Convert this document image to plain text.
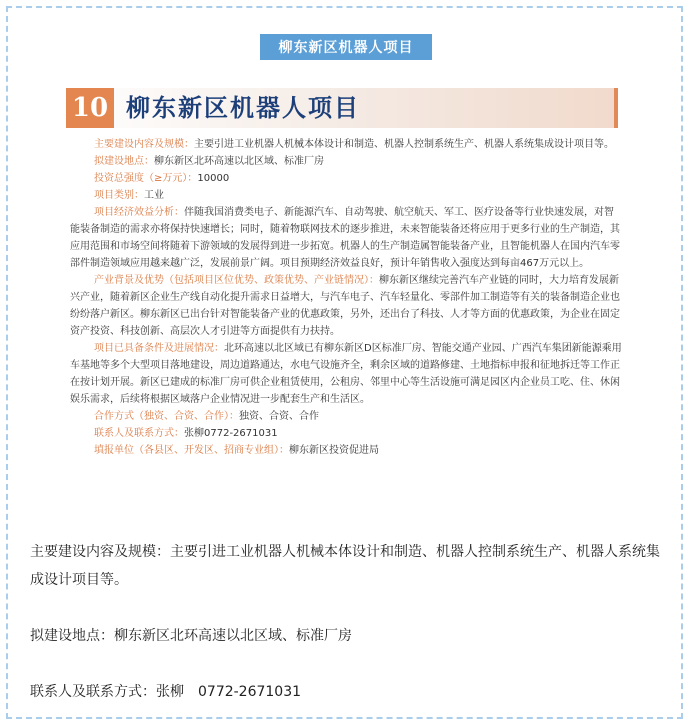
柳东新区机器人项目
10 柳东新区机器人项目

主要建设内容及规模：主要引进工业机器人机械本体设计和制造、机器人控制系统生产、机器人系统集成设计项目等。

拟建设地点：柳东新区北环高速以北区域、标准厂房

投资总强度（≥万元）：10000

项目类别：工业

项目经济效益分析：伴随我国消费类电子、新能源汽车、自动驾驶、航空航天、军工、医疗设备等行业快速发展，对智能装备制造的需求亦将保持快速增长；同时，随着物联网技术的逐步推进，未来智能装备还将应用于更多行业的生产制造，其应用范围和市场空间将随着下游领域的发展得到进一步拓宽。机器人的生产制造属智能装备产业，且智能机器人在国内汽车零部件制造领域应用越来越广泛，发展前景广阔。项目预期经济效益良好，预计年销售收入强度达到每亩467万元以上。

产业背景及优势（包括项目区位优势、政策优势、产业链情况）：柳东新区继续完善汽车产业链的同时，大力培育发展新兴产业，随着新区企业生产线自动化提升需求日益增大，与汽车电子、汽车轻量化、零部件加工制造等有关的装备制造企业也纷纷落户新区。柳东新区已出台针对智能装备产业的优惠政策，另外，还出台了科技、人才等方面的优惠政策，为企业在固定资产投资、科技创新、高层次人才引进等方面提供有力扶持。

项目已具备条件及进展情况：北环高速以北区域已有柳东新区D区标准厂房、智能交通产业园、广西汽车集团新能源乘用车基地等多个大型项目落地建设，周边道路通达，水电气设施齐全，剩余区域的道路修建、土地指标申报和征地拆迁等工作正在按计划开展。新区已建成的标准厂房可供企业租赁使用，公租房、邻里中心等生活设施可满足园区内企业员工吃、住、休闲娱乐需求，后续将根据区域落户企业情况进一步配套生产和生活区。

合作方式（独资、合资、合作）：独资、合资、合作

联系人及联系方式：张柳0772-2671031

填报单位（各县区、开发区、招商专业组）：柳东新区投资促进局

主要建设内容及规模：主要引进工业机器人机械本体设计和制造、机器人控制系统生产、机器人系统集成设计项目等。

拟建设地点：柳东新区北环高速以北区域、标准厂房

联系人及联系方式：张柳　0772-2671031
